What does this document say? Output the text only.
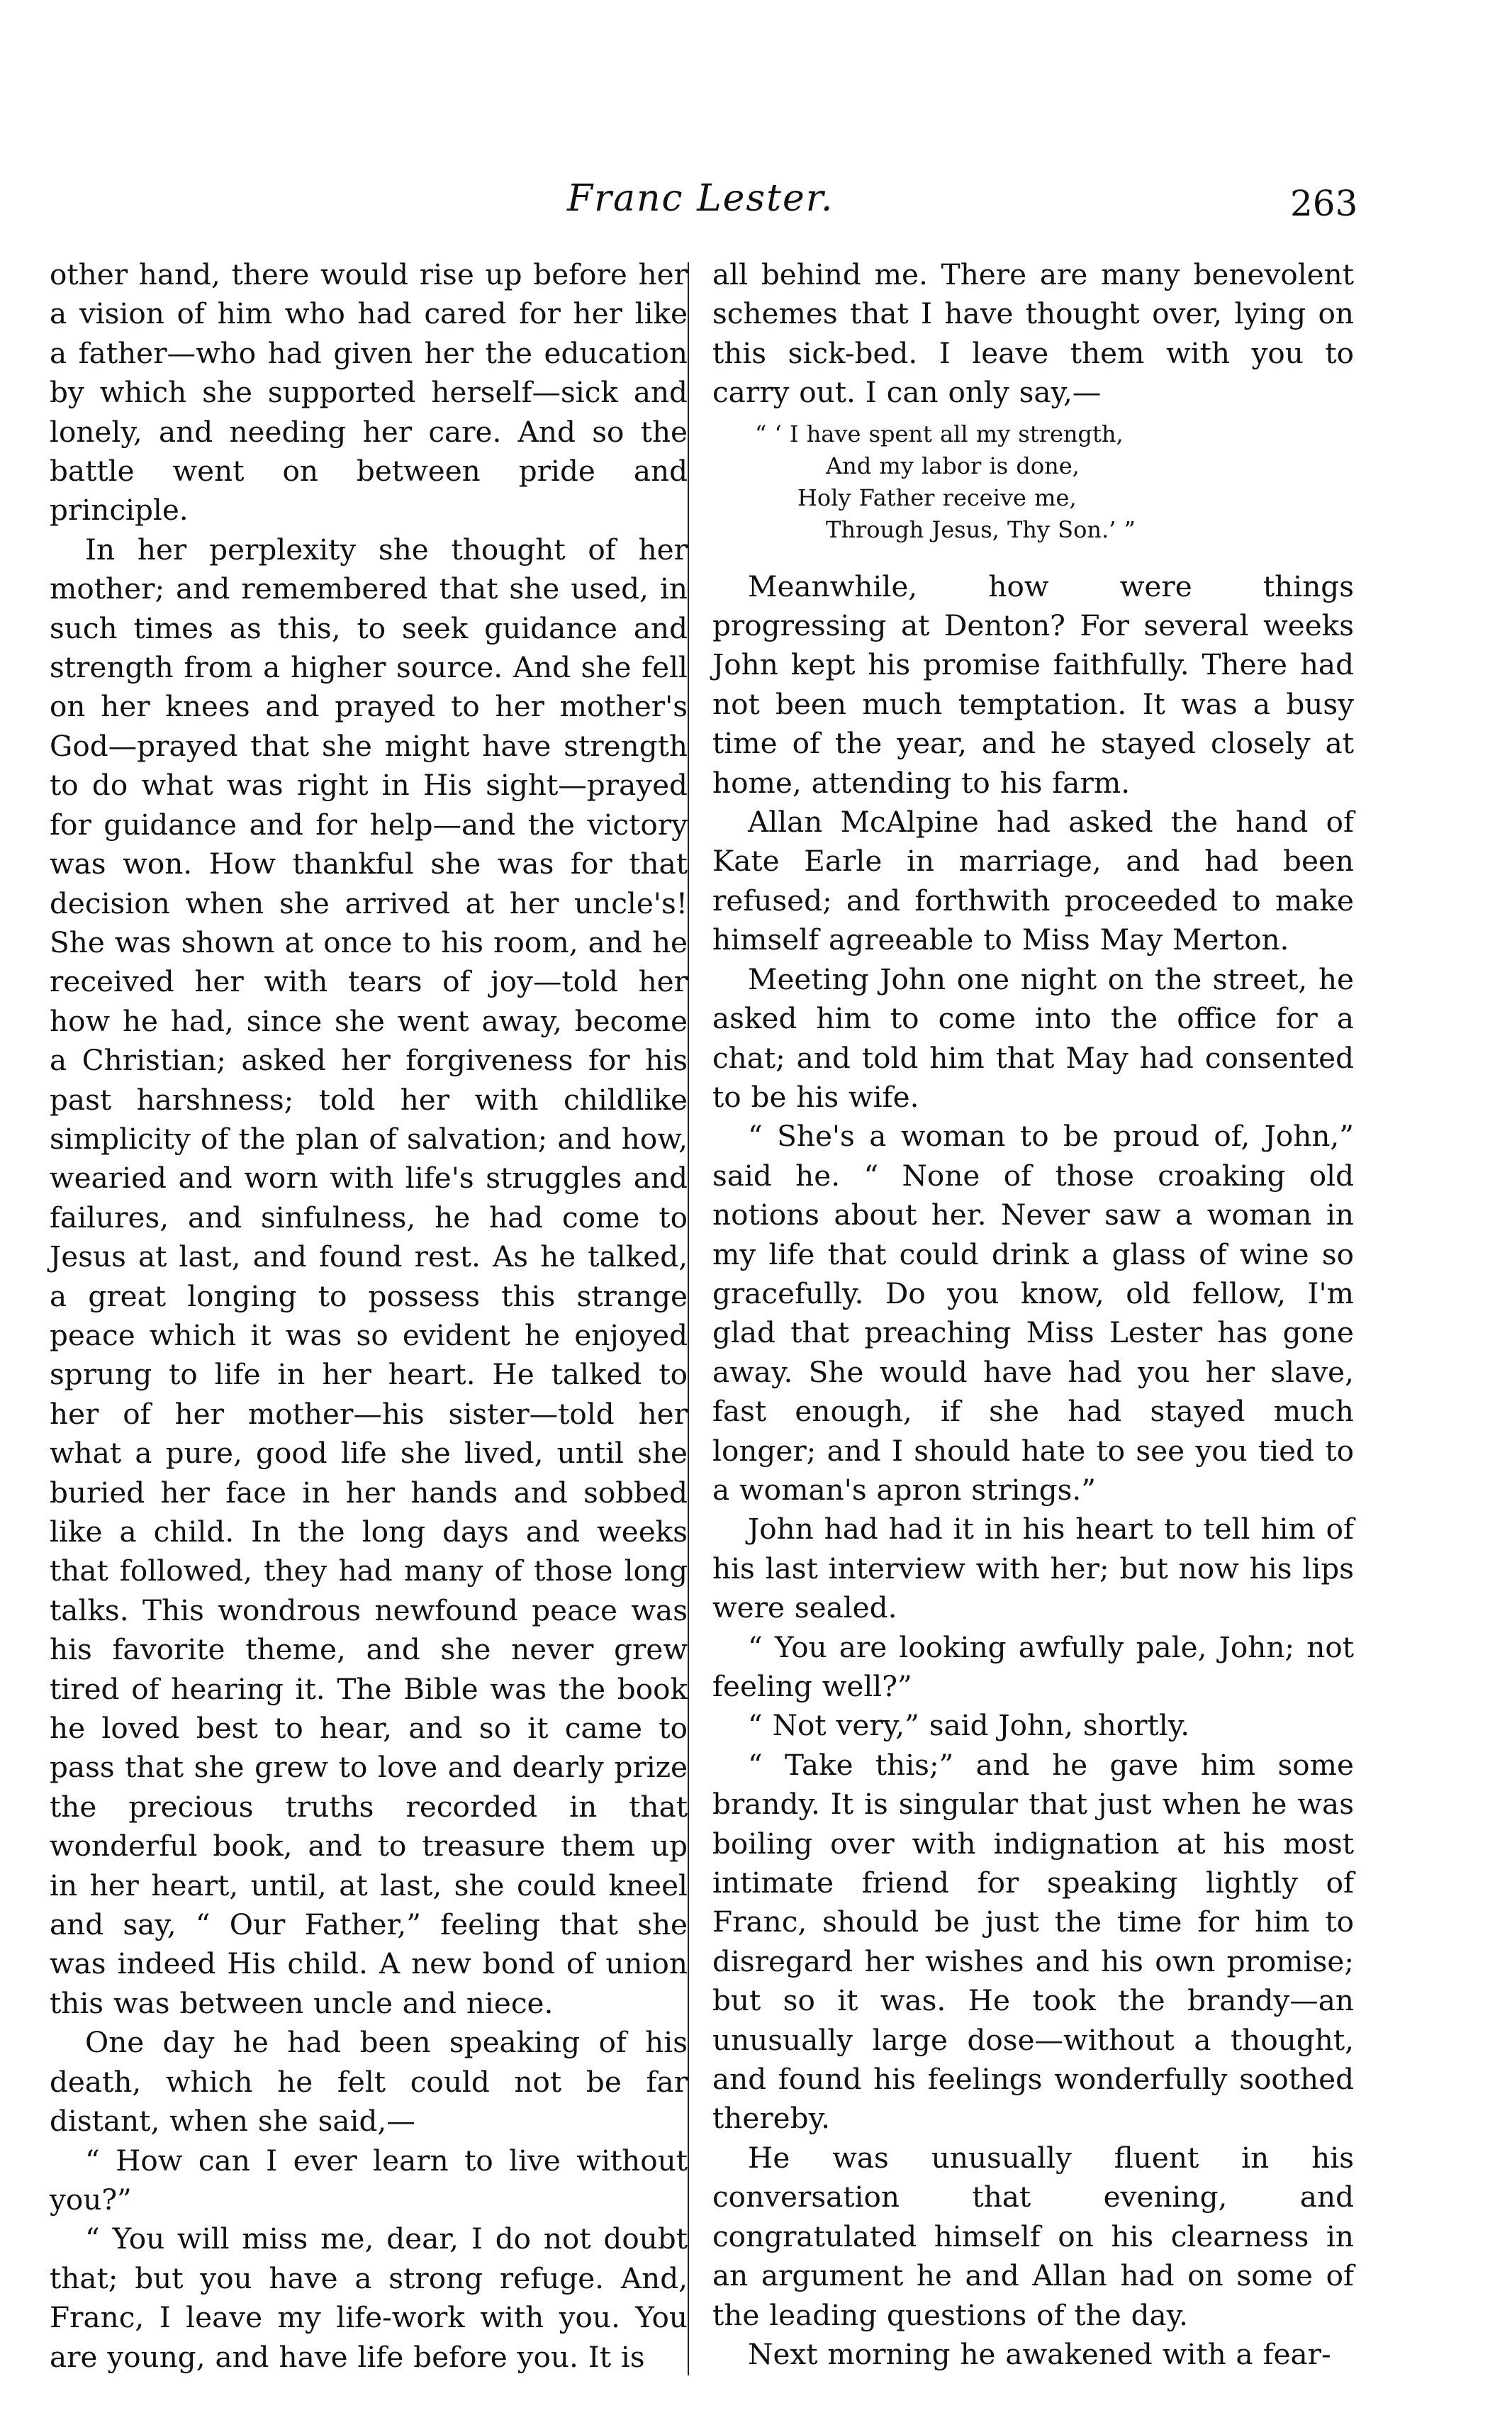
Franc Lester.	263

other hand, there would rise up before her a vision of him who had cared for her like a father—who had given her the education by which she supported herself—sick and lonely, and needing her care. And so the battle went on between pride and principle.

In her perplexity she thought of her mother; and remembered that she used, in such times as this, to seek guidance and strength from a higher source. And she fell on her knees and prayed to her mother's God—prayed that she might have strength to do what was right in His sight—prayed for guidance and for help—and the victory was won. How thankful she was for that decision when she arrived at her uncle's! She was shown at once to his room, and he received her with tears of joy—told her how he had, since she went away, become a Christian; asked her forgiveness for his past harshness; told her with childlike simplicity of the plan of salvation; and how, wearied and worn with life's struggles and failures, and sinfulness, he had come to Jesus at last, and found rest. As he talked, a great longing to possess this strange peace which it was so evident he enjoyed sprung to life in her heart. He talked to her of her mother—his sister—told her what a pure, good life she lived, until she buried her face in her hands and sobbed like a child. In the long days and weeks that followed, they had many of those long talks. This wondrous newfound peace was his favorite theme, and she never grew tired of hearing it. The Bible was the book he loved best to hear, and so it came to pass that she grew to love and dearly prize the precious truths recorded in that wonderful book, and to treasure them up in her heart, until, at last, she could kneel and say, “ Our Father,” feeling that she was indeed His child. A new bond of union this was between uncle and niece.

One day he had been speaking of his death, which he felt could not be far distant, when she said,—

“ How can I ever learn to live without you?”

“ You will miss me, dear, I do not doubt that; but you have a strong refuge. And, Franc, I leave my life-work with you. You are young, and have life before you. It is

all behind me. There are many benevolent schemes that I have thought over, lying on this sick-bed. I leave them with you to carry out. I can only say,—

“ ‘ I have spent all my strength,
And my labor is done,
Holy Father receive me,
Through Jesus, Thy Son.’ ”

Meanwhile, how were things progressing at Denton? For several weeks John kept his promise faithfully. There had not been much temptation. It was a busy time of the year, and he stayed closely at home, attending to his farm.

Allan McAlpine had asked the hand of Kate Earle in marriage, and had been refused; and forthwith proceeded to make himself agreeable to Miss May Merton.

Meeting John one night on the street, he asked him to come into the office for a chat; and told him that May had consented to be his wife.

“ She's a woman to be proud of, John,” said he. “ None of those croaking old notions about her. Never saw a woman in my life that could drink a glass of wine so gracefully. Do you know, old fellow, I'm glad that preaching Miss Lester has gone away. She would have had you her slave, fast enough, if she had stayed much longer; and I should hate to see you tied to a woman's apron strings.”

John had had it in his heart to tell him of his last interview with her; but now his lips were sealed.

“ You are looking awfully pale, John; not feeling well?”

“ Not very,” said John, shortly.

“ Take this;” and he gave him some brandy. It is singular that just when he was boiling over with indignation at his most intimate friend for speaking lightly of Franc, should be just the time for him to disregard her wishes and his own promise; but so it was. He took the brandy—an unusually large dose—without a thought, and found his feelings wonderfully soothed thereby.

He was unusually fluent in his conversation that evening, and congratulated himself on his clearness in an argument he and Allan had on some of the leading questions of the day.

Next morning he awakened with a fear-
